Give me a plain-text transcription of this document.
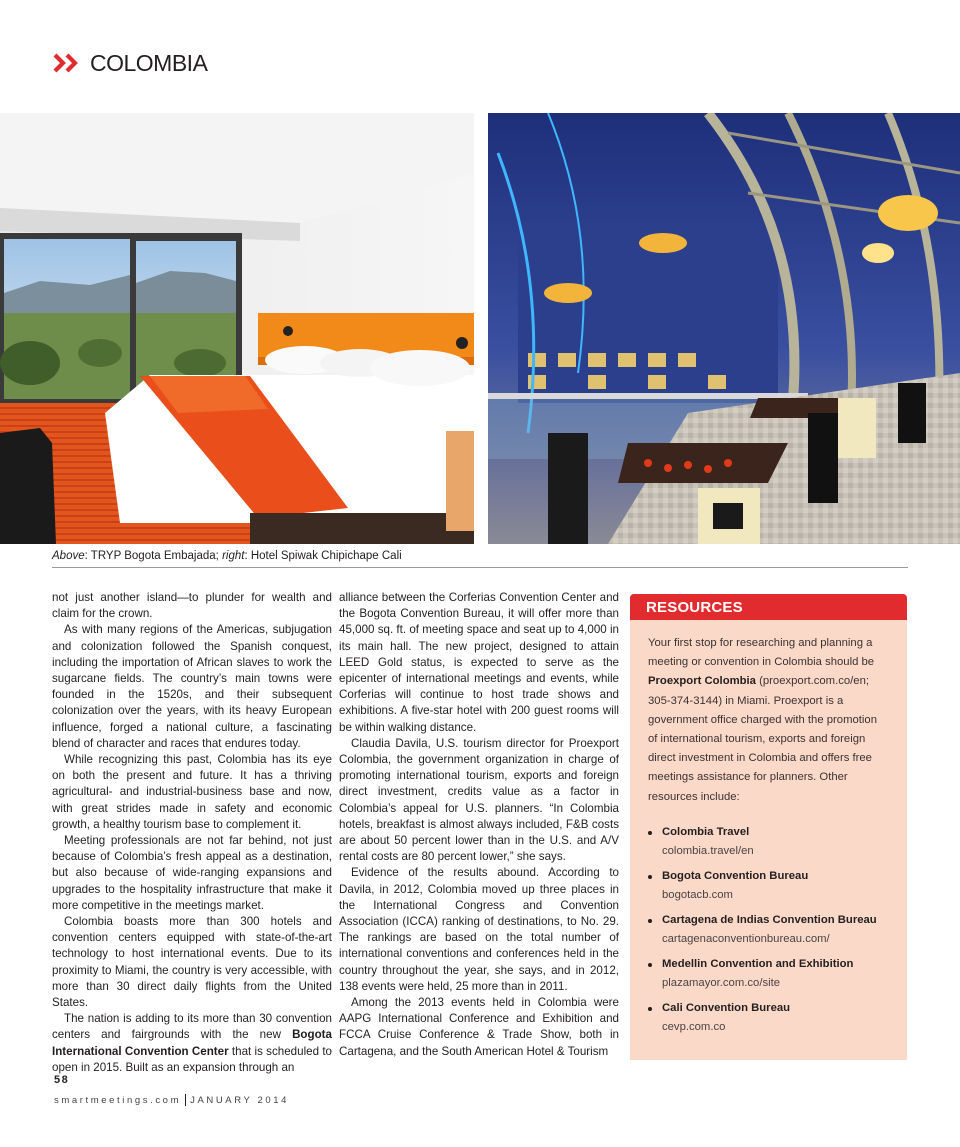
COLOMBIA
Above: TRYP Bogota Embajada; right: Hotel Spiwak Chipichape Cali

not just another island—to plunder for wealth and claim for the crown.

As with many regions of the Americas, subjugation and colonization followed the Spanish conquest, including the importation of African slaves to work the sugarcane fields. The country’s main towns were founded in the 1520s, and their subsequent colonization over the years, with its heavy European influence, forged a national culture, a fascinating blend of character and races that endures today.

While recognizing this past, Colombia has its eye on both the present and future. It has a thriving agricultural- and industrial-business base and now, with great strides made in safety and economic growth, a healthy tourism base to complement it.

Meeting professionals are not far behind, not just because of Colombia’s fresh appeal as a destination, but also because of wide-ranging expansions and upgrades to the hospitality infrastructure that make it more competitive in the meetings market.

Colombia boasts more than 300 hotels and convention centers equipped with state-of-the-art technology to host international events. Due to its proximity to Miami, the country is very accessible, with more than 30 direct daily flights from the United States.

The nation is adding to its more than 30 convention centers and fairgrounds with the new Bogota International Convention Center that is scheduled to open in 2015. Built as an expansion through an

alliance between the Corferias Convention Center and the Bogota Convention Bureau, it will offer more than 45,000 sq. ft. of meeting space and seat up to 4,000 in its main hall. The new project, designed to attain LEED Gold status, is expected to serve as the epicenter of international meetings and events, while Corferias will continue to host trade shows and exhibitions. A five-star hotel with 200 guest rooms will be within walking distance.

Claudia Davila, U.S. tourism director for Proexport Colombia, the government organization in charge of promoting international tourism, exports and foreign direct investment, credits value as a factor in Colombia’s appeal for U.S. planners. “In Colombia hotels, breakfast is almost always included, F&B costs are about 50 percent lower than in the U.S. and A/V rental costs are 80 percent lower,” she says.

Evidence of the results abound. According to Davila, in 2012, Colombia moved up three places in the International Congress and Convention Association (ICCA) ranking of destinations, to No. 29. The rankings are based on the total number of international conventions and conferences held in the country throughout the year, she says, and in 2012, 138 events were held, 25 more than in 2011.

Among the 2013 events held in Colombia were AAPG International Conference and Exhibition and FCCA Cruise Conference & Trade Show, both in Cartagena, and the South American Hotel & Tourism

RESOURCES
Your first stop for researching and planning a meeting or convention in Colombia should be Proexport Colombia (proexport.com.co/en; 305-374-3144) in Miami. Proexport is a government office charged with the promotion of international tourism, exports and foreign direct investment in Colombia and offers free meetings assistance for planners. Other resources include:
Colombia Travel
colombia.travel/en
Bogota Convention Bureau
bogotacb.com
Cartagena de Indias Convention Bureau
cartagenaconventionbureau.com/
Medellin Convention and Exhibition
plazamayor.com.co/site
Cali Convention Bureau
cevp.com.co
58
smartmeetings.com JANUARY 2014
